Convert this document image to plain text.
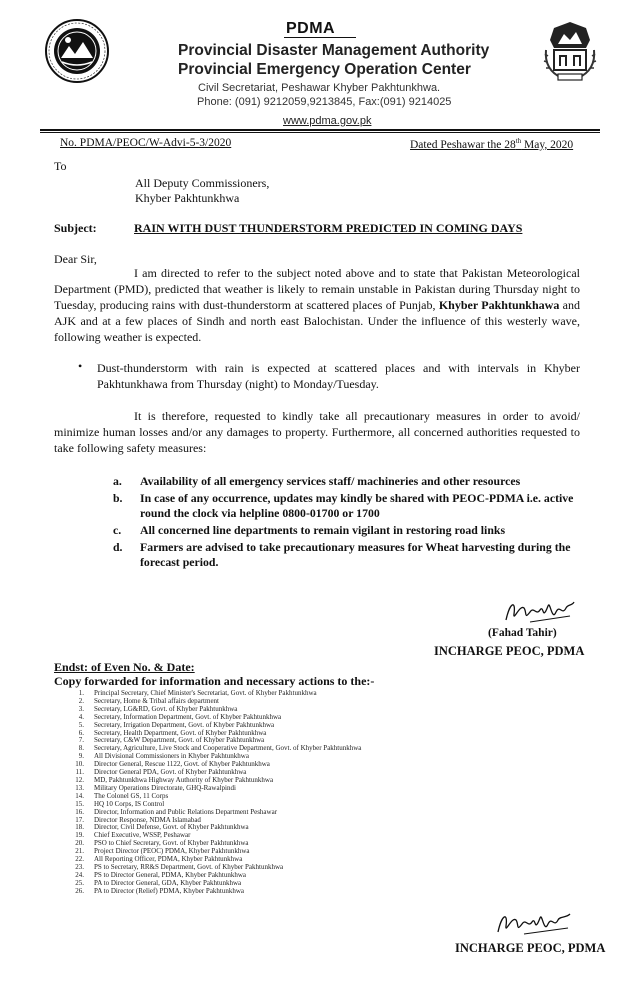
PDMA
Provincial Disaster Management Authority
Provincial Emergency Operation Center
Civil Secretariat, Peshawar Khyber Pakhtunkhwa.
Phone: (091) 9212059,9213845, Fax:(091) 9214025
www.pdma.gov.pk
No. PDMA/PEOC/W-Advi-5-3/2020	Dated Peshawar the 28th May, 2020
To
All Deputy Commissioners,
Khyber Pakhtunkhwa
Subject:	RAIN WITH DUST THUNDERSTORM PREDICTED IN COMING DAYS
Dear Sir,
I am directed to refer to the subject noted above and to state that Pakistan Meteorological Department (PMD), predicted that weather is likely to remain unstable in Pakistan during Thursday night to Tuesday, producing rains with dust-thunderstorm at scattered places of Punjab, Khyber Pakhtunkhawa and AJK and at a few places of Sindh and north east Balochistan. Under the influence of this westerly wave, following weather is expected.
• Dust-thunderstorm with rain is expected at scattered places and with intervals in Khyber Pakhtunkhawa from Thursday (night) to Monday/Tuesday.
It is therefore, requested to kindly take all precautionary measures in order to avoid/ minimize human losses and/or any damages to property. Furthermore, all concerned authorities requested to take following safety measures:
a. Availability of all emergency services staff/ machineries and other resources
b. In case of any occurrence, updates may kindly be shared with PEOC-PDMA i.e. active round the clock via helpline 0800-01700 or 1700
c. All concerned line departments to remain vigilant in restoring road links
d. Farmers are advised to take precautionary measures for Wheat harvesting during the forecast period.
(Fahad Tahir)
INCHARGE PEOC, PDMA
Endst: of Even No. & Date:
Copy forwarded for information and necessary actions to the:-
1. Principal Secretary, Chief Minister's Secretariat, Govt. of Khyber Pakhtunkhwa
2. Secretary, Home & Tribal affairs department
3. Secretary, LG&RD, Govt. of Khyber Pakhtunkhwa
4. Secretary, Information Department, Govt. of Khyber Pakhtunkhwa
5. Secretary, Irrigation Department, Govt. of Khyber Pakhtunkhwa
6. Secretary, Health Department, Govt. of Khyber Pakhtunkhwa
7. Secretary, C&W Department, Govt. of Khyber Pakhtunkhwa
8. Secretary, Agriculture, Live Stock and Cooperative Department, Govt. of Khyber Pakhtunkhwa
9. All Divisional Commissioners in Khyber Pakhtunkhwa
10. Director General, Rescue 1122, Govt. of Khyber Pakhtunkhwa
11. Director General PDA, Govt. of Khyber Pakhtunkhwa
12. MD, Pakhtunkhwa Highway Authority of Khyber Pakhtunkhwa
13. Military Operations Directorate, GHQ-Rawalpindi
14. The Colonel GS, 11 Corps
15. HQ 10 Corps, IS Control
16. Director, Information and Public Relations Department Peshawar
17. Director Response, NDMA Islamabad
18. Director, Civil Defense, Govt. of Khyber Pakhtunkhwa
19. Chief Executive, WSSP, Peshawar
20. PSO to Chief Secretary, Govt. of Khyber Pakhtunkhwa
21. Project Director (PEOC) PDMA, Khyber Pakhtunkhwa
22. All Reporting Officer, PDMA, Khyber Pakhtunkhwa
23. PS to Secretary, RR&S Department, Govt. of Khyber Pakhtunkhwa
24. PS to Director General, PDMA, Khyber Pakhtunkhwa
25. PA to Director General, GDA, Khyber Pakhtunkhwa
26. PA to Director (Relief) PDMA, Khyber Pakhtunkhwa
INCHARGE PEOC, PDMA
